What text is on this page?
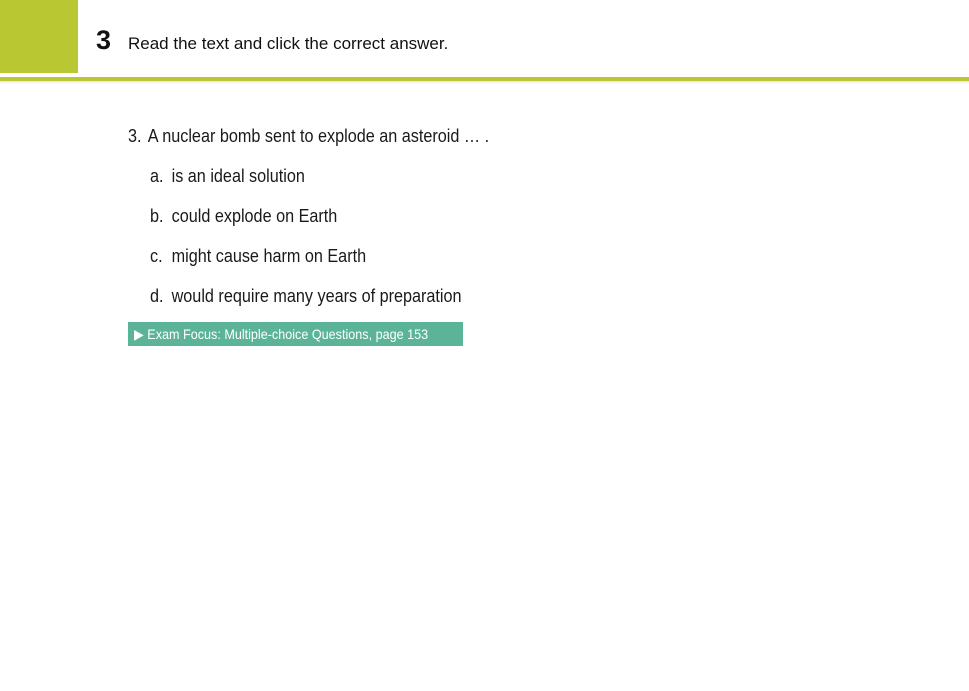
3 Read the text and click the correct answer.
3. A nuclear bomb sent to explode an asteroid … .
a. is an ideal solution
b. could explode on Earth
c. might cause harm on Earth
d. would require many years of preparation
▶ Exam Focus: Multiple-choice Questions, page 153
